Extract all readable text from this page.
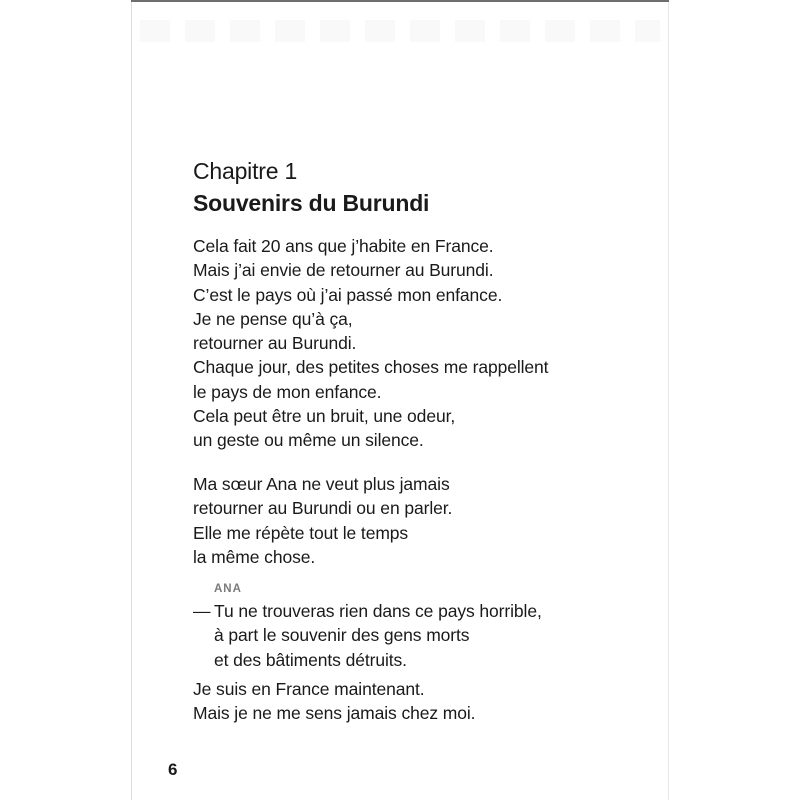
Chapitre 1
Souvenirs du Burundi
Cela fait 20 ans que j’habite en France.
Mais j’ai envie de retourner au Burundi.
C’est le pays où j’ai passé mon enfance.
Je ne pense qu’à ça,
retourner au Burundi.
Chaque jour, des petites choses me rappellent
le pays de mon enfance.
Cela peut être un bruit, une odeur,
un geste ou même un silence.
Ma sœur Ana ne veut plus jamais
retourner au Burundi ou en parler.
Elle me répète tout le temps
la même chose.
ANA
— Tu ne trouveras rien dans ce pays horrible,
à part le souvenir des gens morts
et des bâtiments détruits.
Je suis en France maintenant.
Mais je ne me sens jamais chez moi.
6
